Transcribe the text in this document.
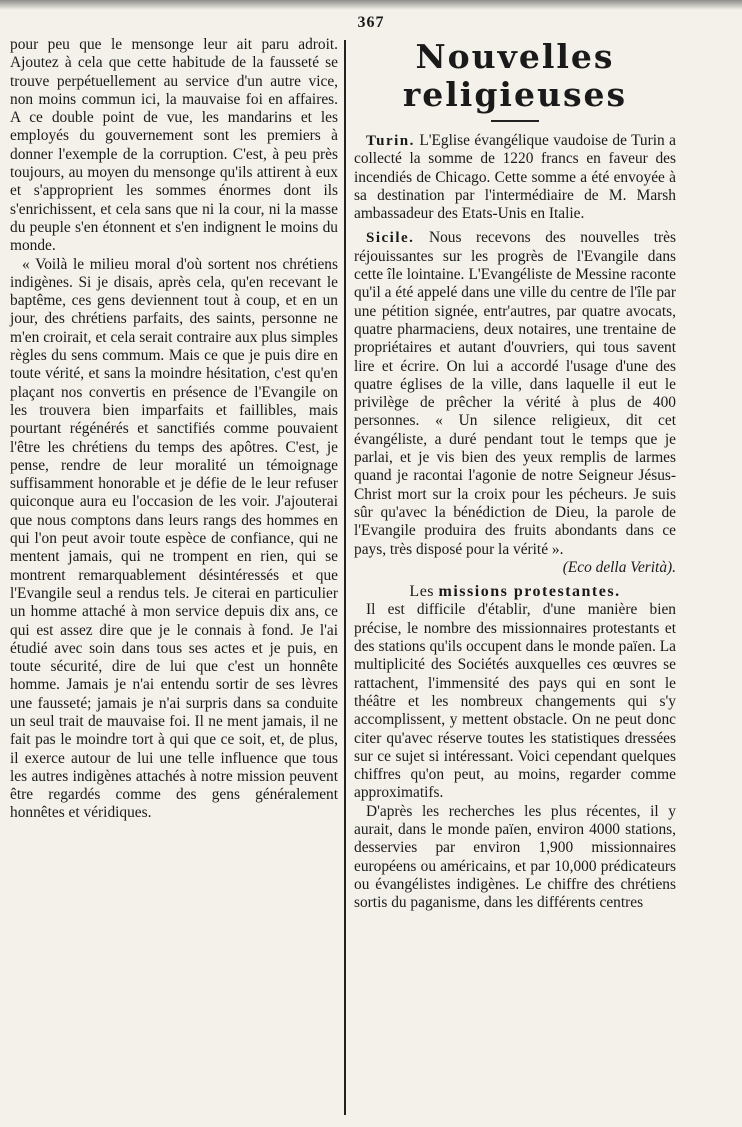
367

pour peu que le mensonge leur ait paru adroit. Ajoutez à cela que cette habitude de la fausseté se trouve perpétuellement au service d'un autre vice, non moins commun ici, la mauvaise foi en affaires. A ce double point de vue, les mandarins et les employés du gouvernement sont les premiers à donner l'exemple de la corruption. C'est, à peu près toujours, au moyen du mensonge qu'ils attirent à eux et s'approprient les sommes énormes dont ils s'enrichissent, et cela sans que ni la cour, ni la masse du peuple s'en étonnent et s'en indignent le moins du monde.

« Voilà le milieu moral d'où sortent nos chrétiens indigènes. Si je disais, après cela, qu'en recevant le baptême, ces gens deviennent tout à coup, et en un jour, des chrétiens parfaits, des saints, personne ne m'en croirait, et cela serait contraire aux plus simples règles du sens commum. Mais ce que je puis dire en toute vérité, et sans la moindre hésitation, c'est qu'en plaçant nos convertis en présence de l'Evangile on les trouvera bien imparfaits et faillibles, mais pourtant régénérés et sanctifiés comme pouvaient l'être les chrétiens du temps des apôtres. C'est, je pense, rendre de leur moralité un témoignage suffisamment honorable et je défie de le leur refuser quiconque aura eu l'occasion de les voir. J'ajouterai que nous comptons dans leurs rangs des hommes en qui l'on peut avoir toute espèce de confiance, qui ne mentent jamais, qui ne trompent en rien, qui se montrent remarquablement désintéressés et que l'Evangile seul a rendus tels. Je citerai en particulier un homme attaché à mon service depuis dix ans, ce qui est assez dire que je le connais à fond. Je l'ai étudié avec soin dans tous ses actes et je puis, en toute sécurité, dire de lui que c'est un honnête homme. Jamais je n'ai entendu sortir de ses lèvres une fausseté; jamais je n'ai surpris dans sa conduite un seul trait de mauvaise foi. Il ne ment jamais, il ne fait pas le moindre tort à qui que ce soit, et, de plus, il exerce autour de lui une telle influence que tous les autres indigènes attachés à notre mission peuvent être regardés comme des gens généralement honnêtes et véridiques.

Nouvelles religieuses

Turin. L'Eglise évangélique vaudoise de Turin a collecté la somme de 1220 francs en faveur des incendiés de Chicago. Cette somme a été envoyée à sa destination par l'intermédiaire de M. Marsh ambassadeur des Etats-Unis en Italie.

Sicile. Nous recevons des nouvelles très réjouissantes sur les progrès de l'Evangile dans cette île lointaine. L'Evangéliste de Messine raconte qu'il a été appelé dans une ville du centre de l'île par une pétition signée, entr'autres, par quatre avocats, quatre pharmaciens, deux notaires, une trentaine de propriétaires et autant d'ouvriers, qui tous savent lire et écrire. On lui a accordé l'usage d'une des quatre églises de la ville, dans laquelle il eut le privilège de prêcher la vérité à plus de 400 personnes. « Un silence religieux, dit cet évangéliste, a duré pendant tout le temps que je parlai, et je vis bien des yeux remplis de larmes quand je racontai l'agonie de notre Seigneur Jésus-Christ mort sur la croix pour les pécheurs. Je suis sûr qu'avec la bénédiction de Dieu, la parole de l'Evangile produira des fruits abondants dans ce pays, très disposé pour la vérité ».
(Eco della Verità).

Les missions protestantes.

Il est difficile d'établir, d'une manière bien précise, le nombre des missionnaires protestants et des stations qu'ils occupent dans le monde païen. La multiplicité des Sociétés auxquelles ces œuvres se rattachent, l'immensité des pays qui en sont le théâtre et les nombreux changements qui s'y accomplissent, y mettent obstacle. On ne peut donc citer qu'avec réserve toutes les statistiques dressées sur ce sujet si intéressant. Voici cependant quelques chiffres qu'on peut, au moins, regarder comme approximatifs.

D'après les recherches les plus récentes, il y aurait, dans le monde païen, environ 4000 stations, desservies par environ 1,900 missionnaires européens ou américains, et par 10,000 prédicateurs ou évangélistes indigènes. Le chiffre des chrétiens sortis du paganisme, dans les différents centres
